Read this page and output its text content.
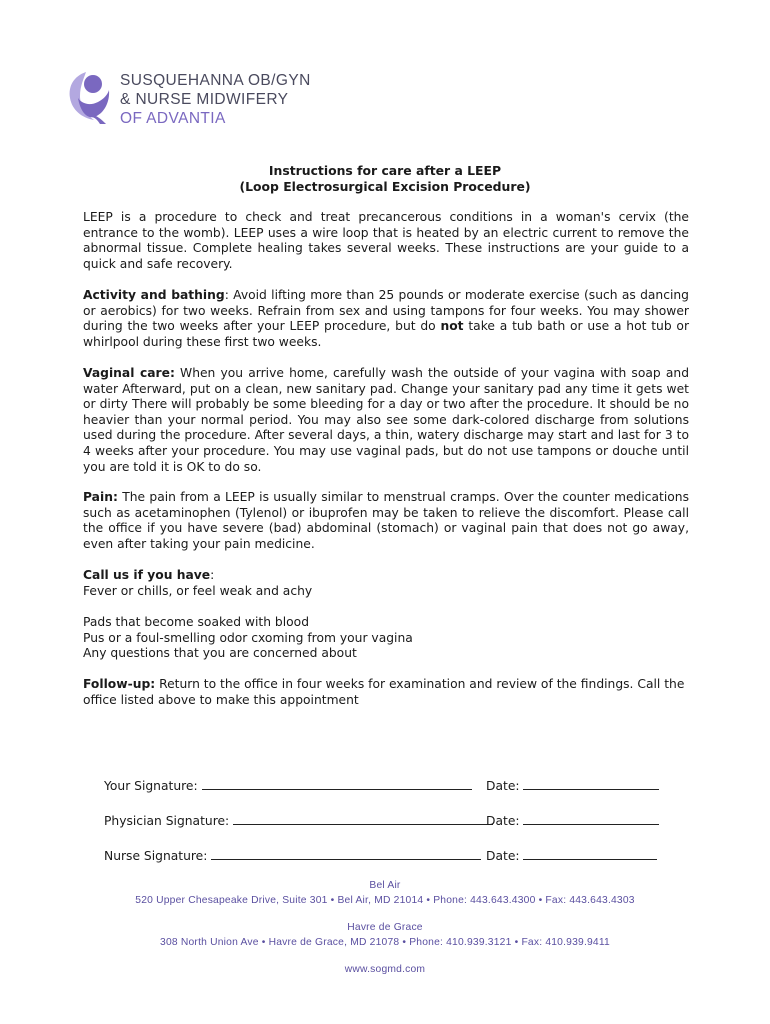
SUSQUEHANNA OB/GYN
& NURSE MIDWIFERY
OF ADVANTIA
Instructions for care after a LEEP
(Loop Electrosurgical Excision Procedure)
LEEP is a procedure to check and treat precancerous conditions in a woman's cervix (the entrance to the womb). LEEP uses a wire loop that is heated by an electric current to remove the abnormal tissue. Complete healing takes several weeks. These instructions are your guide to a quick and safe recovery.
Activity and bathing: Avoid lifting more than 25 pounds or moderate exercise (such as dancing or aerobics) for two weeks. Refrain from sex and using tampons for four weeks. You may shower during the two weeks after your LEEP procedure, but do not take a tub bath or use a hot tub or whirlpool during these first two weeks.
Vaginal care: When you arrive home, carefully wash the outside of your vagina with soap and water Afterward, put on a clean, new sanitary pad. Change your sanitary pad any time it gets wet or dirty There will probably be some bleeding for a day or two after the procedure. It should be no heavier than your normal period. You may also see some dark-colored discharge from solutions used during the procedure. After several days, a thin, watery discharge may start and last for 3 to 4 weeks after your procedure. You may use vaginal pads, but do not use tampons or douche until you are told it is OK to do so.
Pain: The pain from a LEEP is usually similar to menstrual cramps. Over the counter medications such as acetaminophen (Tylenol) or ibuprofen may be taken to relieve the discomfort. Please call the office if you have severe (bad) abdominal (stomach) or vaginal pain that does not go away, even after taking your pain medicine.
Call us if you have:
Fever or chills, or feel weak and achy
Pads that become soaked with blood
Pus or a foul-smelling odor cxoming from your vagina
Any questions that you are concerned about
Follow-up: Return to the office in four weeks for examination and review of the findings. Call the office listed above to make this appointment
Your Signature:	Date:
Physician Signature:	Date:
Nurse Signature:	Date:
Bel Air
520 Upper Chesapeake Drive, Suite 301 • Bel Air, MD 21014 • Phone: 443.643.4300 • Fax: 443.643.4303
Havre de Grace
308 North Union Ave • Havre de Grace, MD 21078 • Phone: 410.939.3121 • Fax: 410.939.9411
www.sogmd.com
